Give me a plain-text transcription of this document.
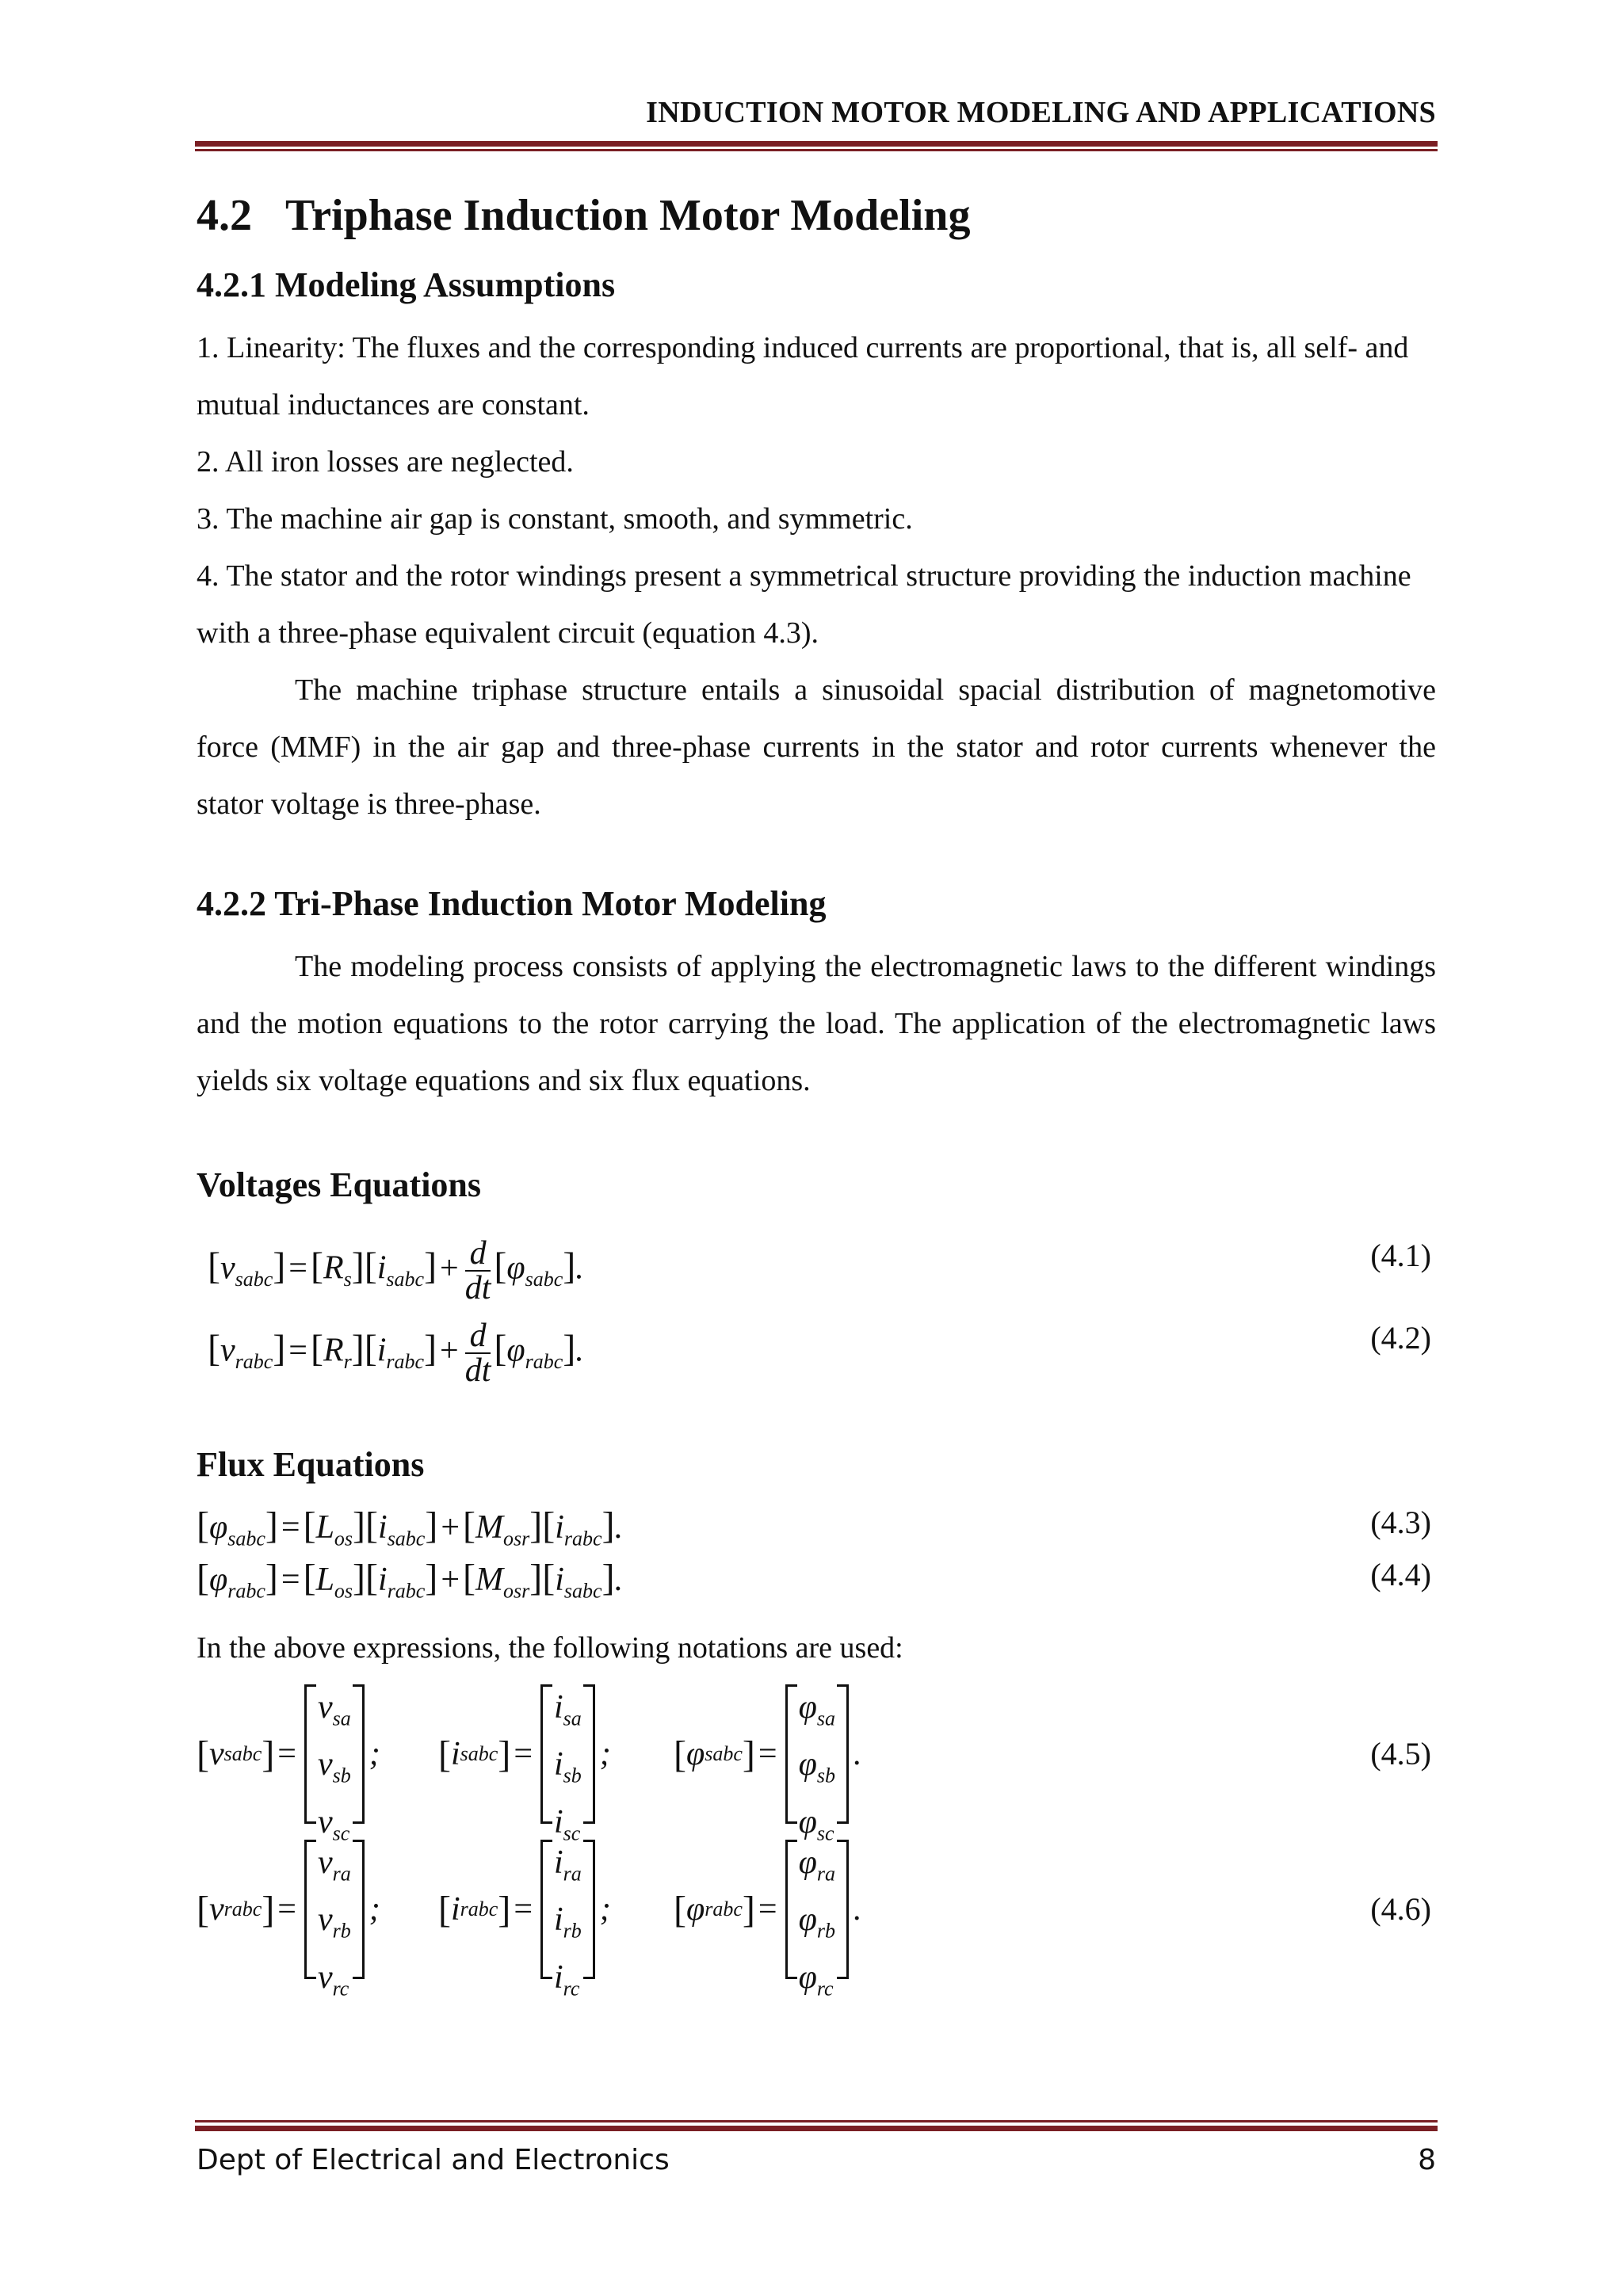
INDUCTION MOTOR MODELING AND APPLICATIONS
4.2 Triphase Induction Motor Modeling
4.2.1 Modeling Assumptions

1. Linearity: The fluxes and the corresponding induced currents are proportional, that is, all self- and mutual inductances are constant.

2. All iron losses are neglected.

3. The machine air gap is constant, smooth, and symmetric.

4. The stator and the rotor windings present a symmetrical structure providing the induction machine with a three-phase equivalent circuit (equation 4.3).

The machine triphase structure entails a sinusoidal spacial distribution of magnetomotive force (MMF) in the air gap and three-phase currents in the stator and rotor currents whenever the stator voltage is three-phase.

4.2.2 Tri-Phase Induction Motor Modeling

The modeling process consists of applying the electromagnetic laws to the different windings and the motion equations to the rotor carrying the load. The application of the electromagnetic laws yields six voltage equations and six flux equations.

Voltages Equations
$[v_{sabc}]=[R_s][i_{sabc}]+ \frac{d}{dt} [\varphi_{sabc}]$.	(4.1)
$[v_{rabc}]=[R_r][i_{rabc}]+ \frac{d}{dt} [\varphi_{rabc}]$.	(4.2)
Flux Equations
$[\varphi_{sabc}]=[L_{os}][i_{sabc}]+[M_{osr}][i_{rabc}]$.	(4.3)
$[\varphi_{rabc}]=[L_{os}][i_{rabc}]+[M_{osr}][i_{sabc}]$.	(4.4)

In the above expressions, the following notations are used:

[ v sabc ] =
$v_{sa}$
$v_{sb}$
$v_{sc}$
; [ i sabc ] =
$i_{sa}$
$i_{sb}$
$i_{sc}$
; [ φ sabc ] =
$\varphi_{sa}$
$\varphi_{sb}$
$\varphi_{sc}$
.	(4.5)
[ v rabc ] =
$v_{ra}$
$v_{rb}$
$v_{rc}$
; [ i rabc ] =
$i_{ra}$
$i_{rb}$
$i_{rc}$
; [ φ rabc ] =
$\varphi_{ra}$
$\varphi_{rb}$
$\varphi_{rc}$
.	(4.6)
Dept of Electrical and Electronics	8
